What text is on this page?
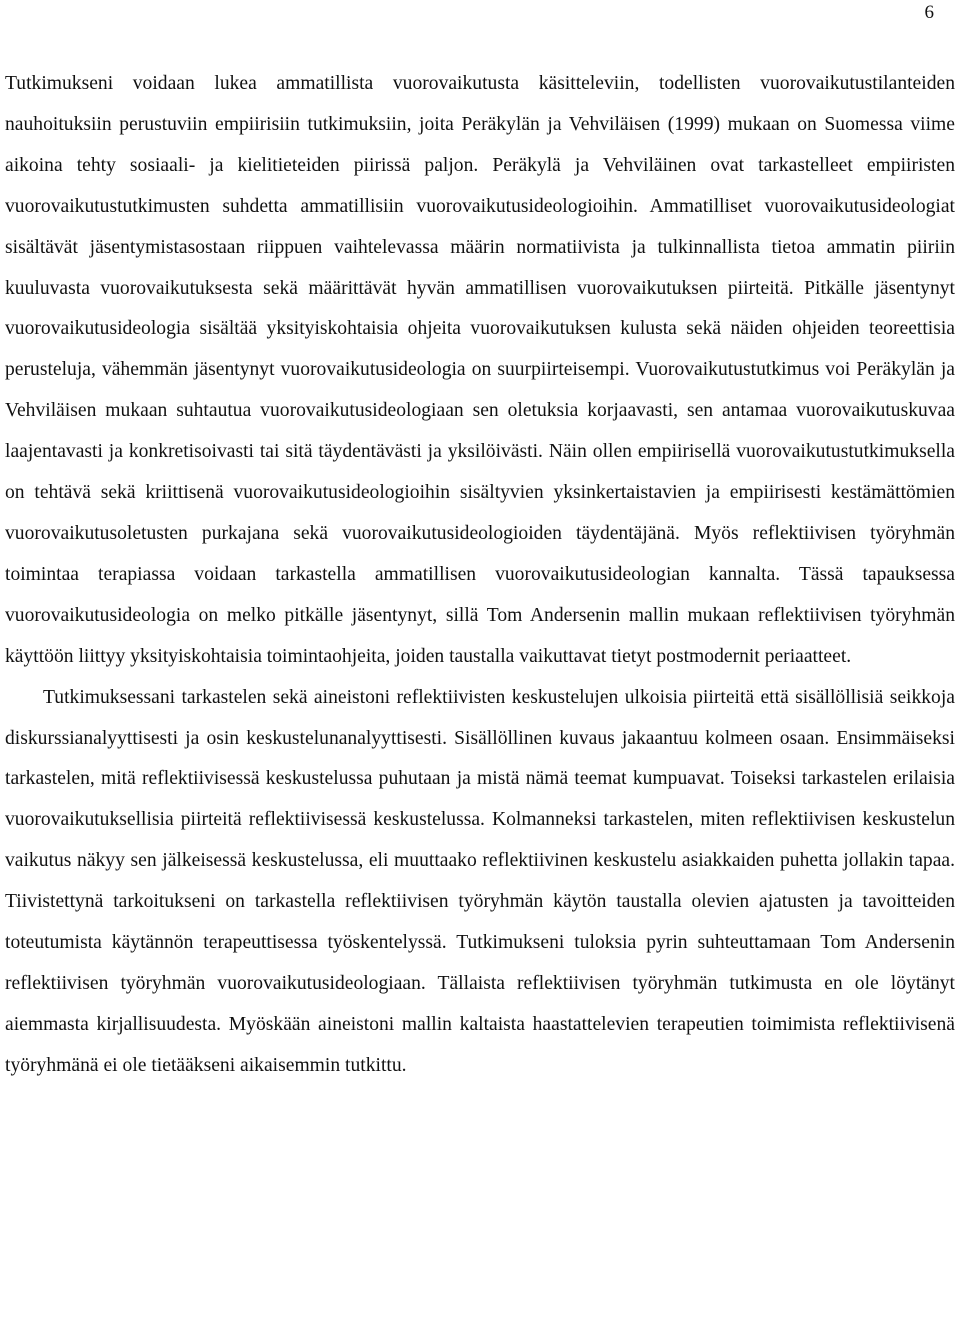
6

Tutkimukseni voidaan lukea ammatillista vuorovaikutusta käsitteleviin, todellisten vuorovaikutustilanteiden nauhoituksiin perustuviin empiirisiin tutkimuksiin, joita Peräkylän ja Vehviläisen (1999) mukaan on Suomessa viime aikoina tehty sosiaali- ja kielitieteiden piirissä paljon. Peräkylä ja Vehviläinen ovat tarkastelleet empiiristen vuorovaikutustutkimusten suhdetta ammatillisiin vuorovaikutusideologioihin. Ammatilliset vuorovaikutusideologiat sisältävät jäsentymistasostaan riippuen vaihtelevassa määrin normatiivista ja tulkinnallista tietoa ammatin piiriin kuuluvasta vuorovaikutuksesta sekä määrittävät hyvän ammatillisen vuorovaikutuksen piirteitä. Pitkälle jäsentynyt vuorovaikutusideologia sisältää yksityiskohtaisia ohjeita vuorovaikutuksen kulusta sekä näiden ohjeiden teoreettisia perusteluja, vähemmän jäsentynyt vuorovaikutusideologia on suurpiirteisempi. Vuorovaikutustutkimus voi Peräkylän ja Vehviläisen mukaan suhtautua vuorovaikutusideologiaan sen oletuksia korjaavasti, sen antamaa vuorovaikutuskuvaa laajentavasti ja konkretisoivasti tai sitä täydentävästi ja yksilöivästi. Näin ollen empiirisellä vuorovaikutustutkimuksella on tehtävä sekä kriittisenä vuorovaikutusideologioihin sisältyvien yksinkertaistavien ja empiirisesti kestämättömien vuorovaikutusoletusten purkajana sekä vuorovaikutusideologioiden täydentäjänä. Myös reflektiivisen työryhmän toimintaa terapiassa voidaan tarkastella ammatillisen vuorovaikutusideologian kannalta. Tässä tapauksessa vuorovaikutusideologia on melko pitkälle jäsentynyt, sillä Tom Andersenin mallin mukaan reflektiivisen työryhmän käyttöön liittyy yksityiskohtaisia toimintaohjeita, joiden taustalla vaikuttavat tietyt postmodernit periaatteet.

Tutkimuksessani tarkastelen sekä aineistoni reflektiivisten keskustelujen ulkoisia piirteitä että sisällöllisiä seikkoja diskurssianalyyttisesti ja osin keskustelunanalyyttisesti. Sisällöllinen kuvaus jakaantuu kolmeen osaan. Ensimmäiseksi tarkastelen, mitä reflektiivisessä keskustelussa puhutaan ja mistä nämä teemat kumpuavat. Toiseksi tarkastelen erilaisia vuorovaikutuksellisia piirteitä reflektiivisessä keskustelussa. Kolmanneksi tarkastelen, miten reflektiivisen keskustelun vaikutus näkyy sen jälkeisessä keskustelussa, eli muuttaako reflektiivinen keskustelu asiakkaiden puhetta jollakin tapaa. Tiivistettynä tarkoitukseni on tarkastella reflektiivisen työryhmän käytön taustalla olevien ajatusten ja tavoitteiden toteutumista käytännön terapeuttisessa työskentelyssä. Tutkimukseni tuloksia pyrin suhteuttamaan Tom Andersenin reflektiivisen työryhmän vuorovaikutusideologiaan. Tällaista reflektiivisen työryhmän tutkimusta en ole löytänyt aiemmasta kirjallisuudesta. Myöskään aineistoni mallin kaltaista haastattelevien terapeutien toimimista reflektiivisenä työryhmänä ei ole tietääkseni aikaisemmin tutkittu.
